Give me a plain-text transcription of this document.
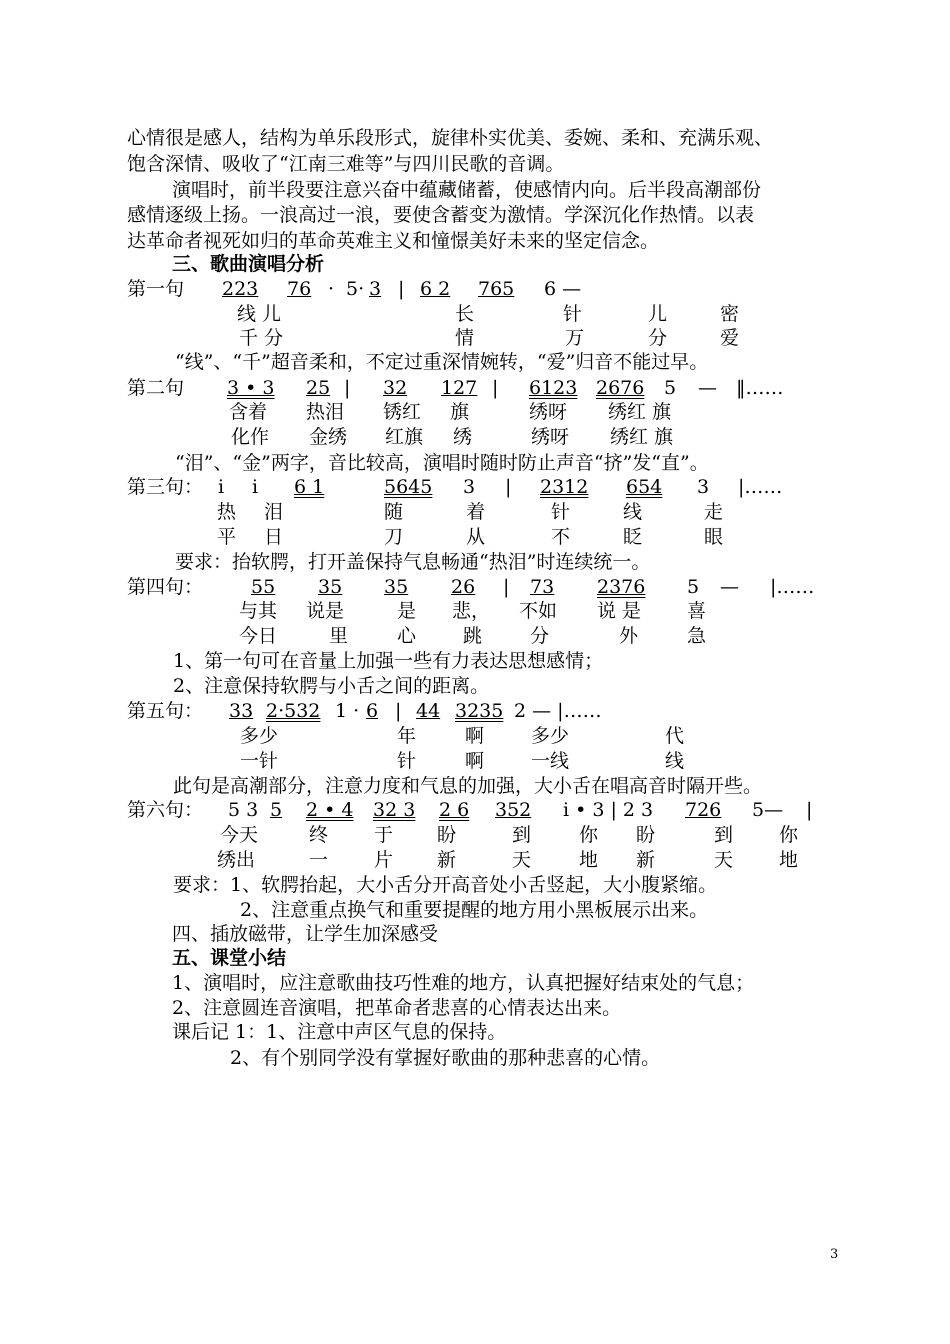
心情很是感人，结构为单乐段形式，旋律朴实优美、委婉、柔和、充满乐观、
饱含深情、吸收了“江南三难等”与四川民歌的音调。
演唱时，前半段要注意兴奋中蕴藏储蓄，使感情内向。后半段高潮部份
感情逐级上扬。一浪高过一浪，要使含蓄变为激情。学深沉化作热情。以表
达革命者视死如归的革命英难主义和憧憬美好未来的坚定信念。
三、歌曲演唱分析
第一句 223 76 · 5· 3 | 6 2 765 6 —
线 儿	长	针	儿	密
千 分	情	万	分	爱
“线”、“千”超音柔和，不定过重深情婉转，“爱”归音不能过早。
第二句 3 • 3 25 | 32 127 | 6123 2676 5 — ‖……
含着 热泪 锈红 旗	绣呀 绣红 旗
化作 金绣 红旗 绣	绣呀 绣红 旗
“泪”、“金”两字，音比较高，演唱时随时防止声音“挤”发“直”。
第三句： i i 6 1	5645 3 | 2312 654 3 |……
热 泪	随	着	针	线	走
平 日	刀	从	不	眨	眼
要求：抬软腭，打开盖保持气息畅通“热泪”时连续统一。
第四句：	55 35 35 26 | 73 2376 5 — |……
与其 说是	是 悲， 不如 说 是 喜
今日	里	心 跳	分	外	急
1、第一句可在音量上加强一些有力表达思想感情；
2、注意保持软腭与小舌之间的距离。
第五句： 33 2·532 1 · 6 | 44 3235 2 — |……
多少	年	啊 多少	代
一针	针	啊 一线	线
此句是高潮部分，注意力度和气息的加强，大小舌在唱高音时隔开些。
第六句： 5 3 5 2 • 4 32 3 2 6 352 i • 3 | 2 3 726 5— |
今天	终 于 盼	到	你 盼	到 你
绣出	一 片 新	天	地 新	天 地
要求：1、软腭抬起，大小舌分开高音处小舌竖起，大小腹紧缩。
2、注意重点换气和重要提醒的地方用小黑板展示出来。
四、插放磁带，让学生加深感受
五、课堂小结
1、演唱时，应注意歌曲技巧性难的地方，认真把握好结束处的气息；
2、注意圆连音演唱，把革命者悲喜的心情表达出来。
课后记 1：1、注意中声区气息的保持。
2、有个别同学没有掌握好歌曲的那种悲喜的心情。
3
